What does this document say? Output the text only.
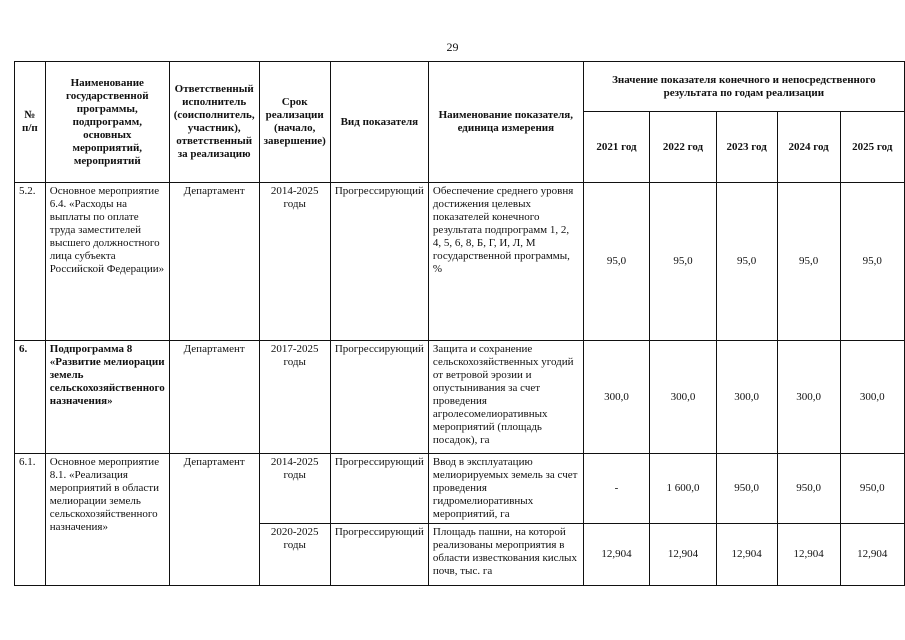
29
№ п/п	Наименование государственной программы, подпрограмм, основных мероприятий, мероприятий	Ответственный исполнитель (соисполнитель, участник), ответственный за реализацию	Срок реализации (начало, завершение)	Вид показателя	Наименование показателя, единица измерения	Значение показателя конечного и непосредственного результата по годам реализации				
						2021 год	2022 год	2023 год	2024 год	2025 год
5.2.	Основное мероприятие 6.4. «Расходы на выплаты по оплате труда заместителей высшего должностного лица субъекта Российской Федерации»	Департамент	2014-2025 годы	Прогрессирующий	Обеспечение среднего уровня достижения целевых показателей конечного результата подпрограмм 1, 2, 4, 5, 6, 8, Б, Г, И, Л, М государственной программы, %	95,0	95,0	95,0	95,0	95,0
6.	Подпрограмма 8 «Развитие мелиорации земель сельскохозяйственного назначения»	Департамент	2017-2025 годы	Прогрессирующий	Защита и сохранение сельскохозяйственных угодий от ветровой эрозии и опустынивания за счет проведения агролесомелиоративных мероприятий (площадь посадок), га	300,0	300,0	300,0	300,0	300,0
6.1.	Основное мероприятие 8.1. «Реализация мероприятий в области мелиорации земель сельскохозяйственного назначения»	Департамент	2014-2025 годы	Прогрессирующий	Ввод в эксплуатацию мелиорируемых земель за счет проведения гидромелиоративных мероприятий, га	-	1 600,0	950,0	950,0	950,0
			2020-2025 годы	Прогрессирующий	Площадь пашни, на которой реализованы мероприятия в области известкования кислых почв, тыс. га	12,904	12,904	12,904	12,904	12,904
